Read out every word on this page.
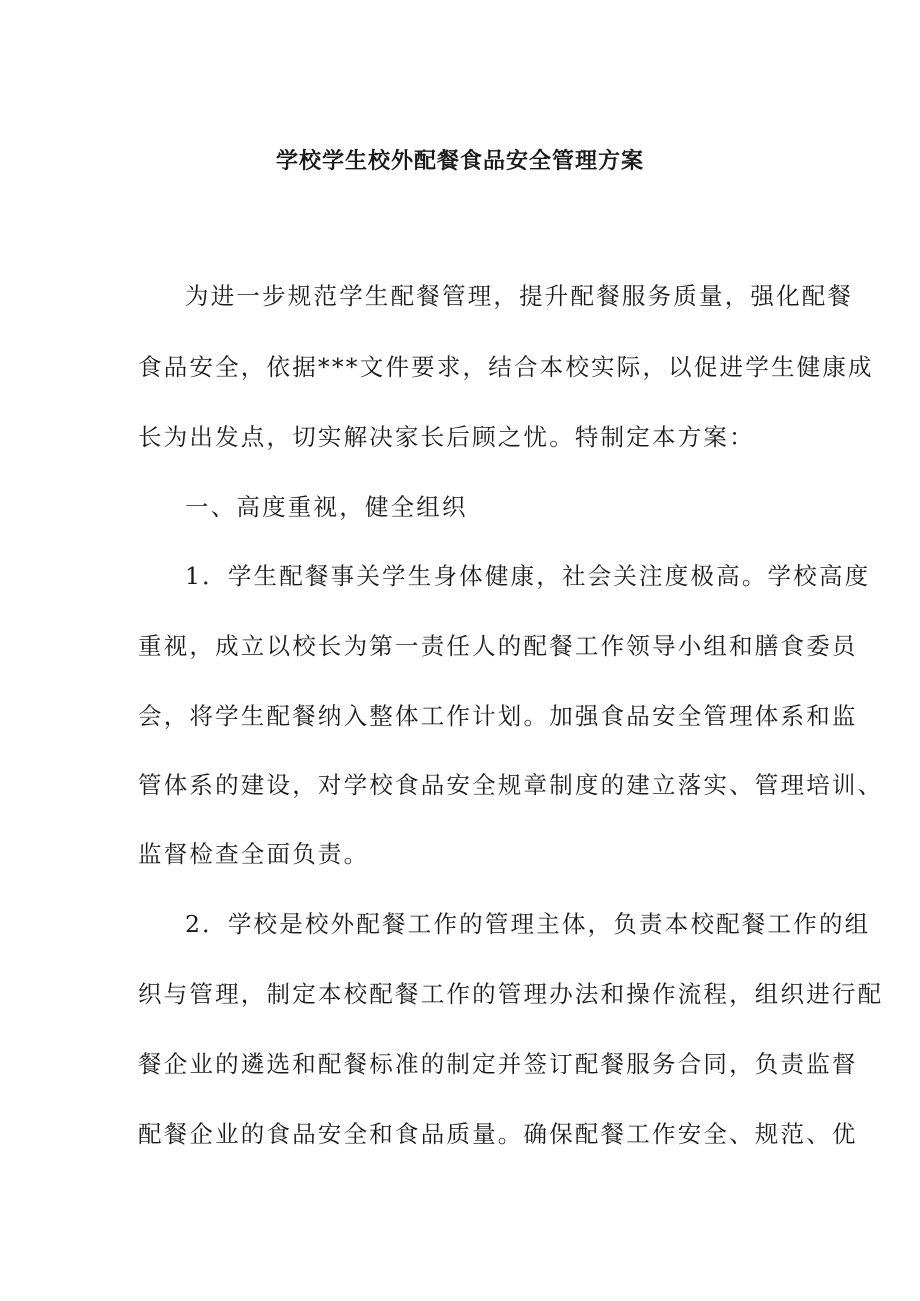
学校学生校外配餐食品安全管理方案
为进一步规范学生配餐管理，提升配餐服务质量，强化配餐
食品安全，依据***文件要求，结合本校实际，以促进学生健康成
长为出发点，切实解决家长后顾之忧。特制定本方案：
一、高度重视，健全组织
1．学生配餐事关学生身体健康，社会关注度极高。学校高度
重视，成立以校长为第一责任人的配餐工作领导小组和膳食委员
会，将学生配餐纳入整体工作计划。加强食品安全管理体系和监
管体系的建设，对学校食品安全规章制度的建立落实、管理培训、
监督检查全面负责。
2．学校是校外配餐工作的管理主体，负责本校配餐工作的组
织与管理，制定本校配餐工作的管理办法和操作流程，组织进行配
餐企业的遴选和配餐标准的制定并签订配餐服务合同，负责监督
配餐企业的食品安全和食品质量。确保配餐工作安全、规范、优
